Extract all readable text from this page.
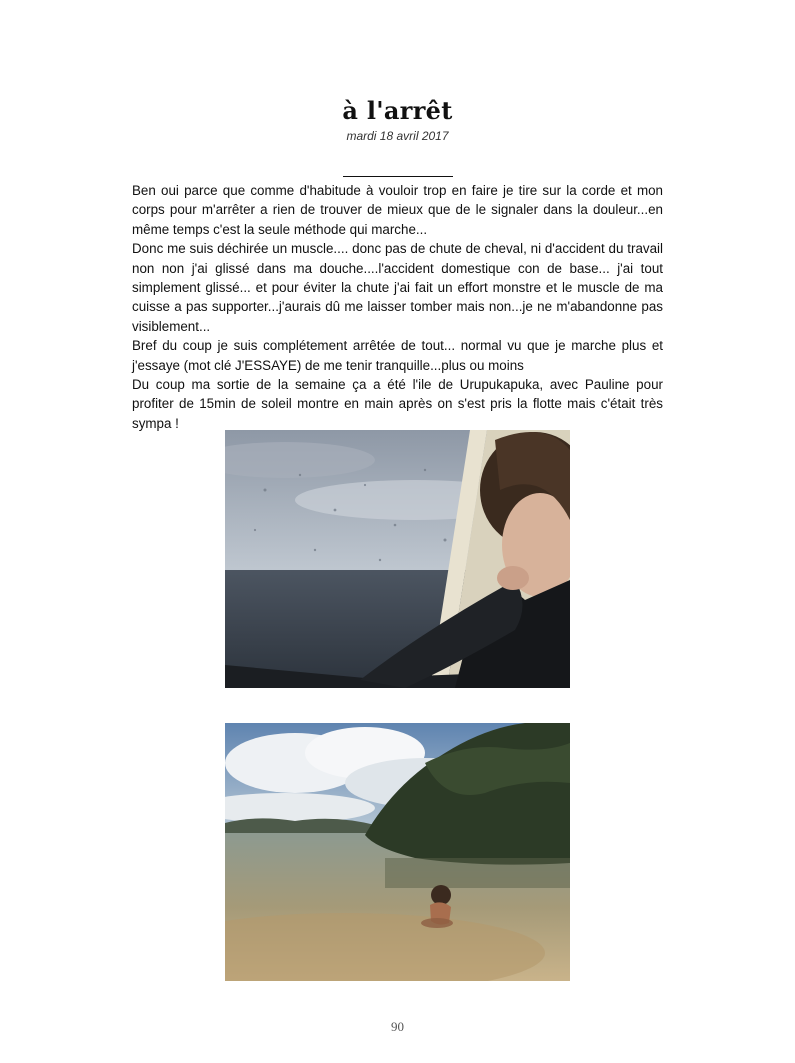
à l'arrêt
mardi 18 avril 2017

Ben oui parce que comme d'habitude à vouloir trop en faire je tire sur la corde et mon corps pour m'arrêter a rien de trouver de mieux que de le signaler dans la douleur...en même temps c'est la seule méthode qui marche...

Donc me suis déchirée un muscle.... donc pas de chute de cheval, ni d'accident du travail non non j'ai glissé dans ma douche....l'accident domestique con de base... j'ai tout simplement glissé... et pour éviter la chute j'ai fait un effort monstre et le muscle de ma cuisse a pas supporter...j'aurais dû me laisser tomber mais non...je ne m'abandonne pas visiblement...

Bref du coup je suis complétement arrêtée de tout... normal vu que je marche plus et j'essaye (mot clé J'ESSAYE) de me tenir tranquille...plus ou moins

Du coup ma sortie de la semaine ça a été l'ile de Urupukapuka, avec Pauline pour profiter de 15min de soleil montre en main après on s'est pris la flotte mais c'était très sympa !

90
